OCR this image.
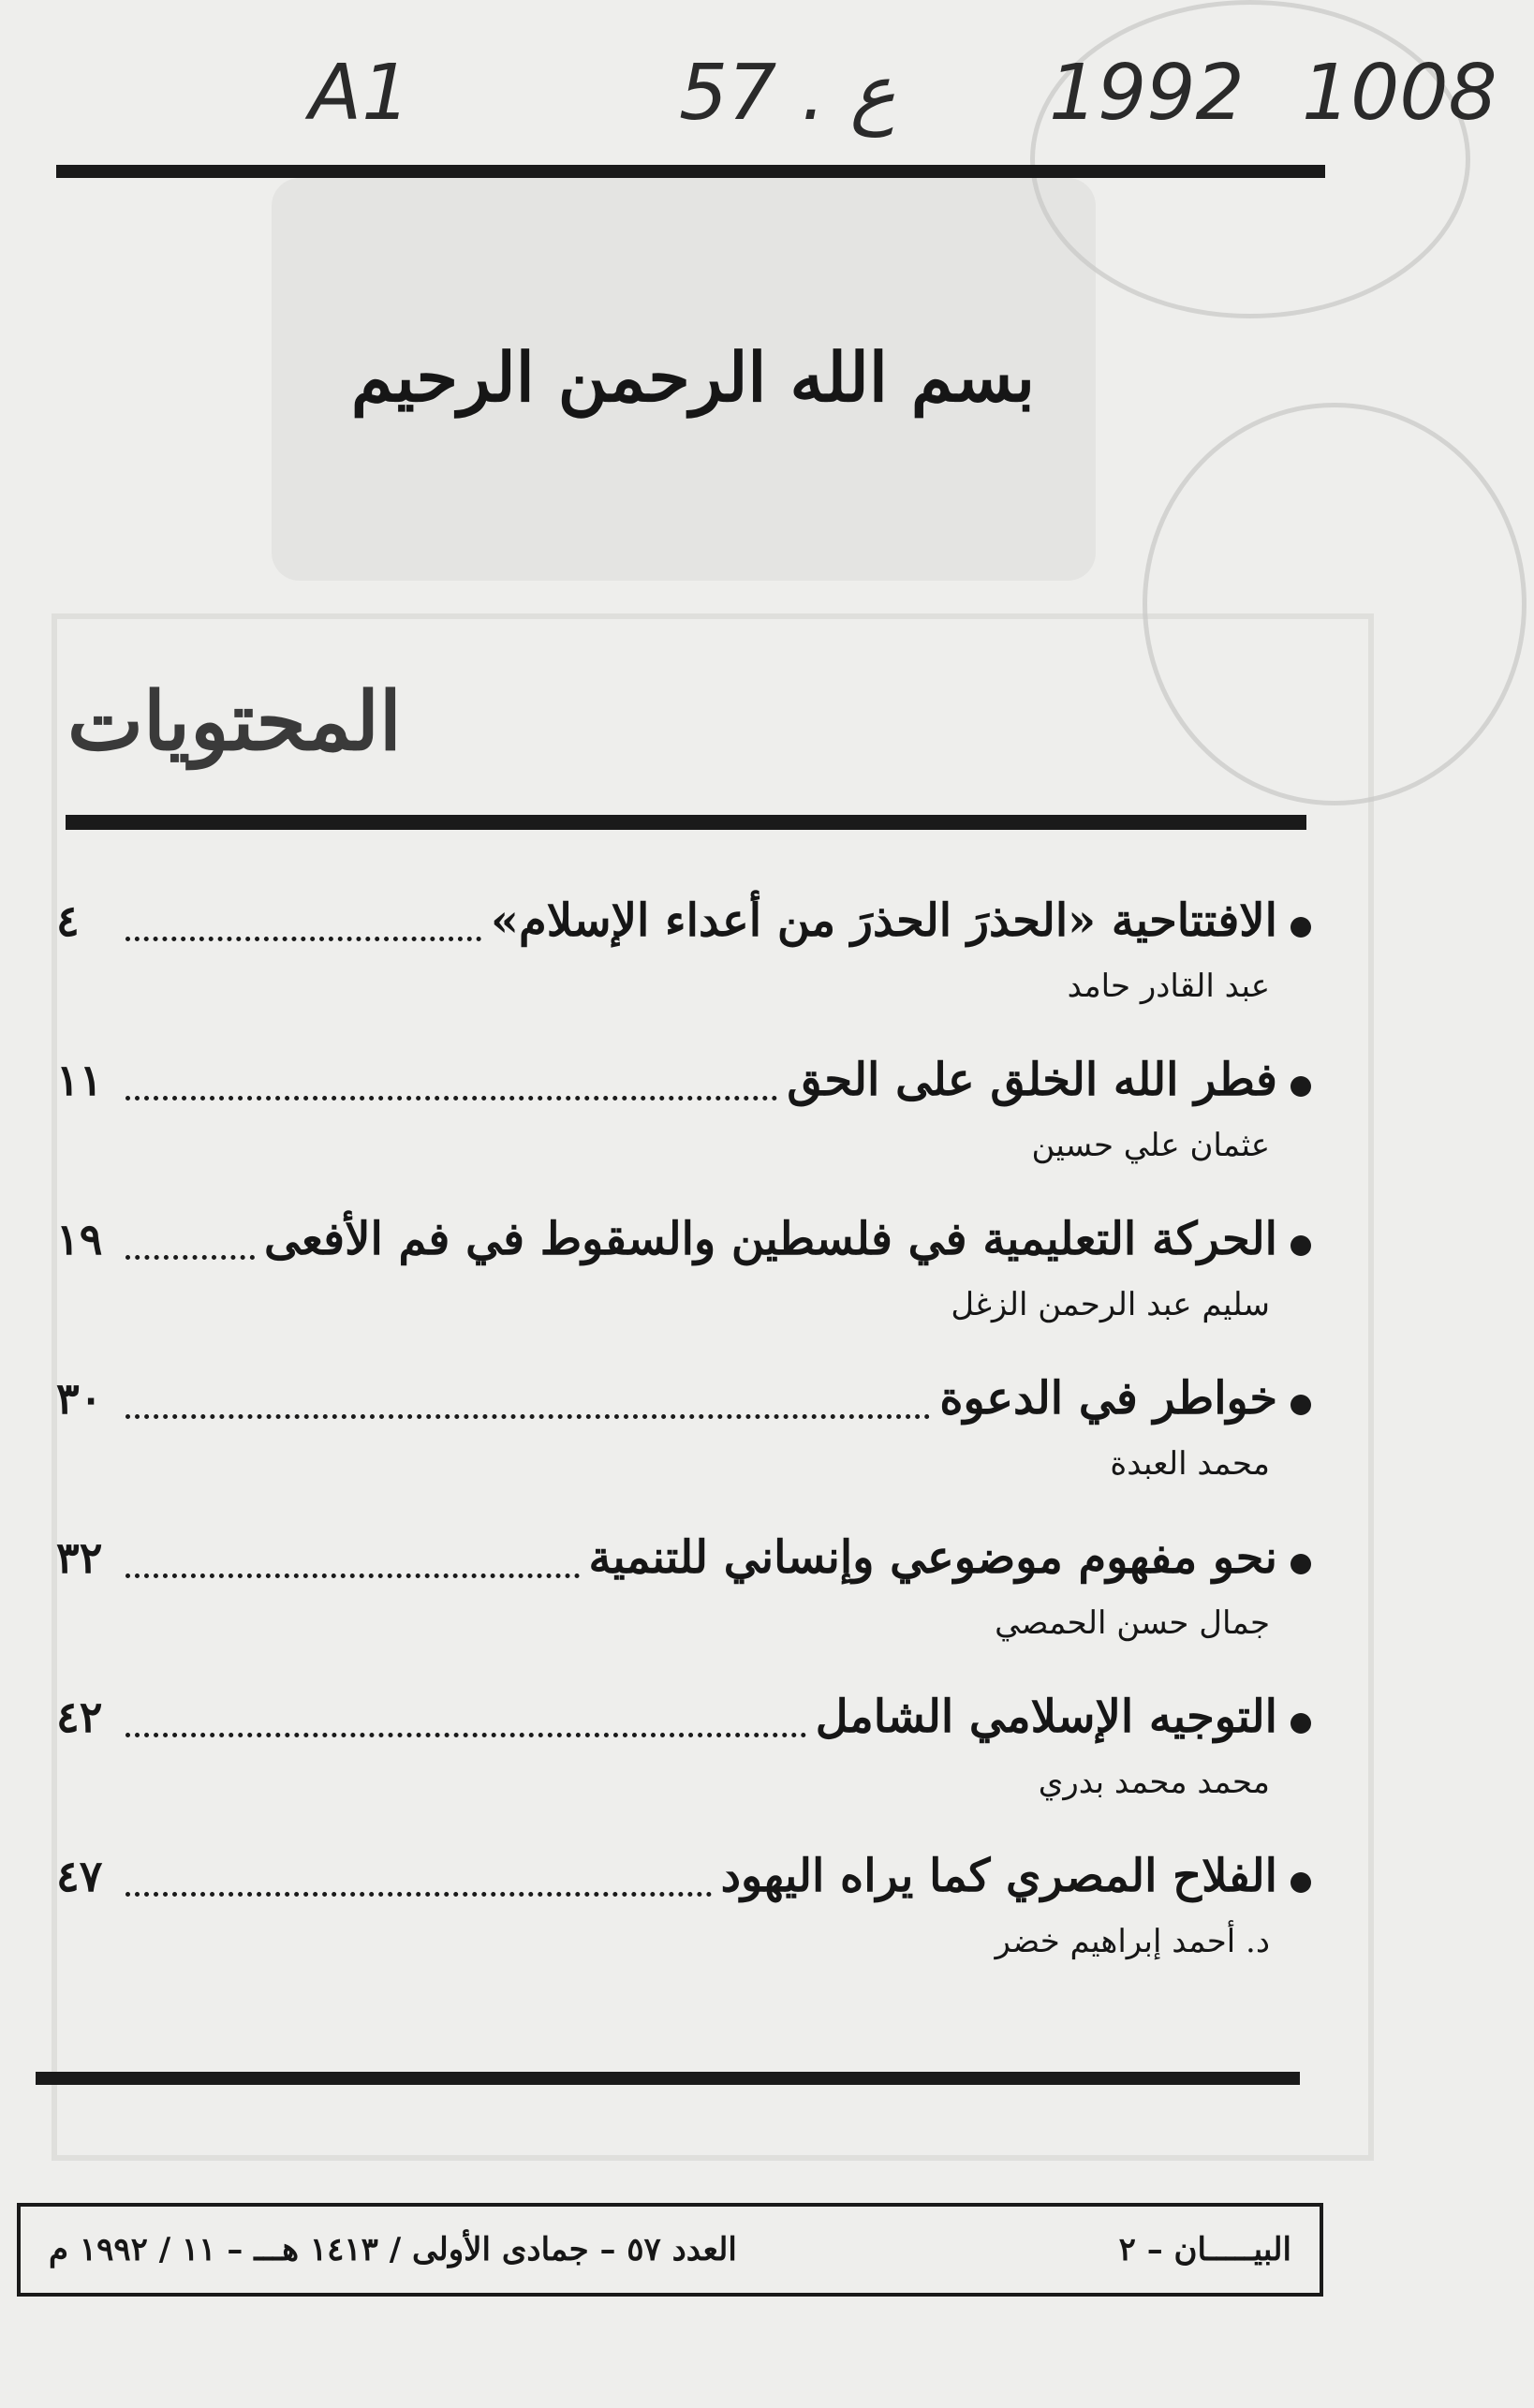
A1	57 . ع 1992 1008
بسم الله الرحمن الرحيم
المحتويات
الافتتاحية «الحذرَ الحذرَ من أعداء الإسلام»
٤
عبد القادر حامد
فطر الله الخلق على الحق
١١
عثمان علي حسين
الحركة التعليمية في فلسطين والسقوط في فم الأفعى
١٩
سليم عبد الرحمن الزغل
خواطر في الدعوة
٣٠
محمد العبدة
نحو مفهوم موضوعي وإنساني للتنمية
٣٢
جمال حسن الحمصي
التوجيه الإسلامي الشامل
٤٢
محمد محمد بدري
الفلاح المصري كما يراه اليهود
٤٧
د. أحمد إبراهيم خضر
البيـــــان – ٢
العدد ٥٧ – جمادى الأولى / ١٤١٣ هـــ – ١١ / ١٩٩٢ م
